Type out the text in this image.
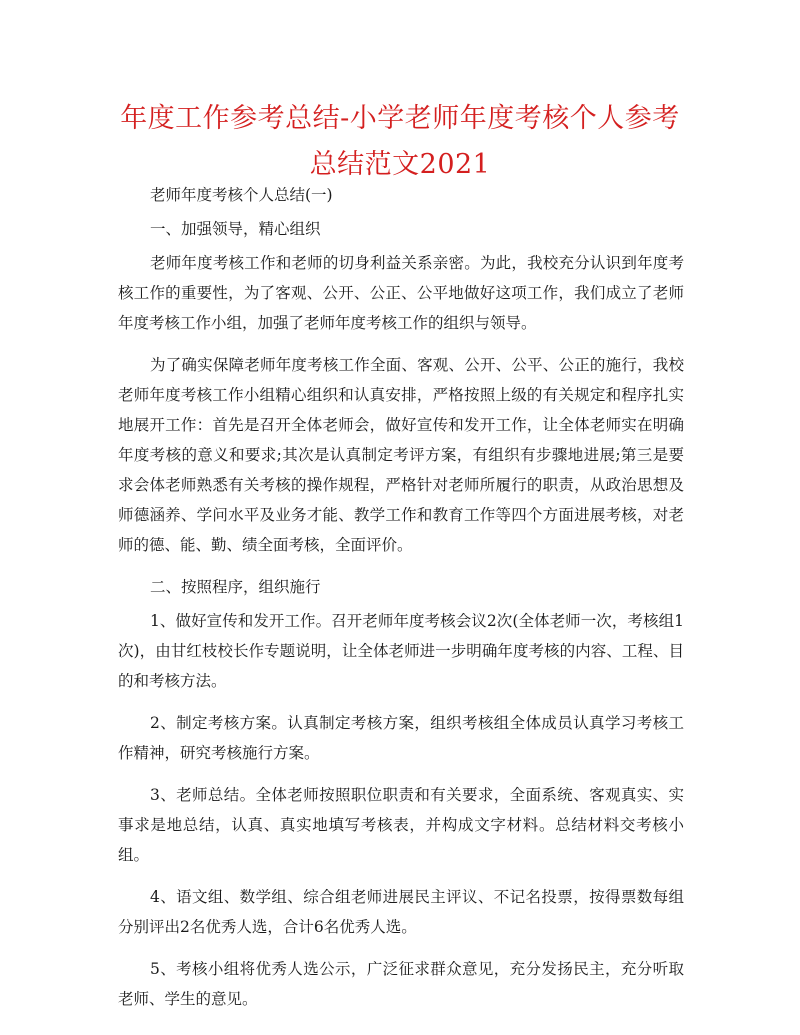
年度工作参考总结-小学老师年度考核个人参考总结范文2021

老师年度考核个人总结(一)

一、加强领导，精心组织

老师年度考核工作和老师的切身利益关系亲密。为此，我校充分认识到年度考核工作的重要性，为了客观、公开、公正、公平地做好这项工作，我们成立了老师年度考核工作小组，加强了老师年度考核工作的组织与领导。

为了确实保障老师年度考核工作全面、客观、公开、公平、公正的施行，我校老师年度考核工作小组精心组织和认真安排，严格按照上级的有关规定和程序扎实地展开工作：首先是召开全体老师会，做好宣传和发开工作，让全体老师实在明确年度考核的意义和要求;其次是认真制定考评方案，有组织有步骤地进展;第三是要求会体老师熟悉有关考核的操作规程，严格针对老师所履行的职责，从政治思想及师德涵养、学问水平及业务才能、教学工作和教育工作等四个方面进展考核，对老师的德、能、勤、绩全面考核，全面评价。

二、按照程序，组织施行

1、做好宣传和发开工作。召开老师年度考核会议2次(全体老师一次，考核组1次)，由甘红枝校长作专题说明，让全体老师进一步明确年度考核的内容、工程、目的和考核方法。

2、制定考核方案。认真制定考核方案，组织考核组全体成员认真学习考核工作精神，研究考核施行方案。

3、老师总结。全体老师按照职位职责和有关要求，全面系统、客观真实、实事求是地总结，认真、真实地填写考核表，并构成文字材料。总结材料交考核小组。

4、语文组、数学组、综合组老师进展民主评议、不记名投票，按得票数每组分别评出2名优秀人选，合计6名优秀人选。

5、考核小组将优秀人选公示，广泛征求群众意见，充分发扬民主，充分听取老师、学生的意见。
